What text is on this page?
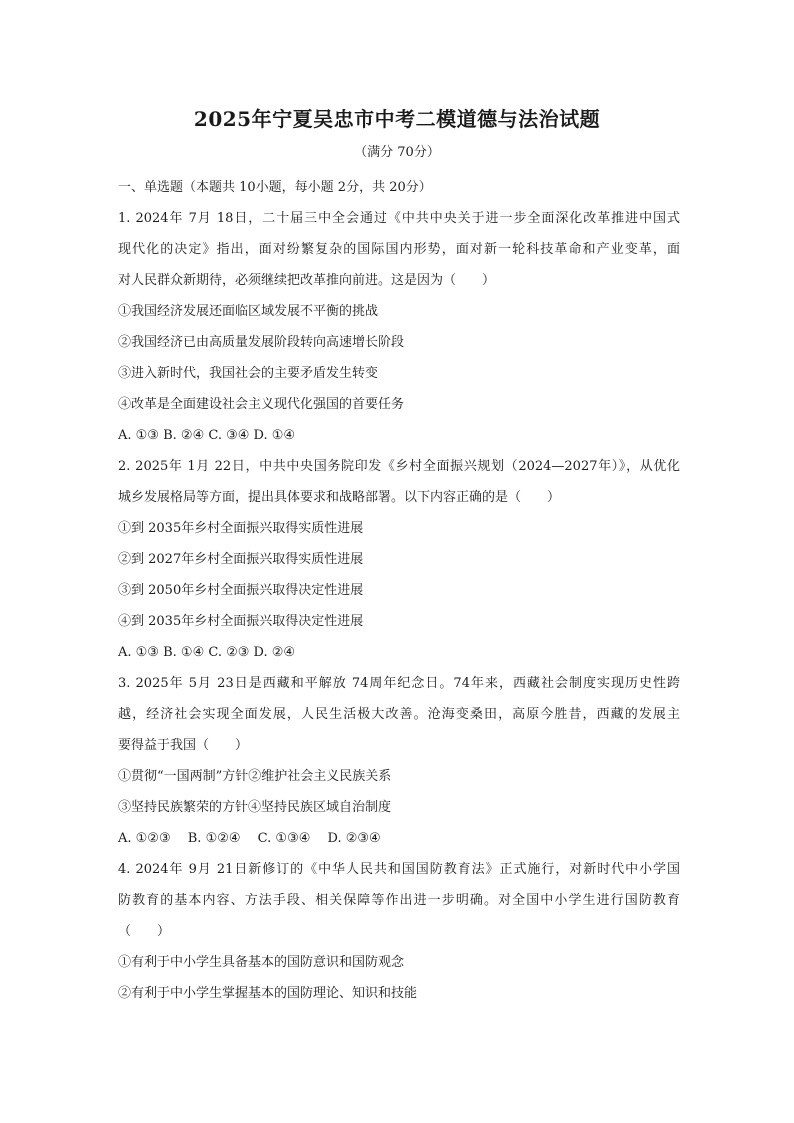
2025年宁夏吴忠市中考二模道德与法治试题
（满分 70分）
一、单选题（本题共 10小题，每小题 2分，共 20分）
1. 2024年 7月 18日，二十届三中全会通过《中共中央关于进一步全面深化改革推进中国式
现代化的决定》指出，面对纷繁复杂的国际国内形势，面对新一轮科技革命和产业变革，面
对人民群众新期待，必须继续把改革推向前进。这是因为（　　）
①我国经济发展还面临区域发展不平衡的挑战
②我国经济已由高质量发展阶段转向高速增长阶段
③进入新时代，我国社会的主要矛盾发生转变
④改革是全面建设社会主义现代化强国的首要任务
A. ①③ B. ②④ C. ③④ D. ①④
2. 2025年 1月 22日，中共中央国务院印发《乡村全面振兴规划（2024—2027年）》，从优化
城乡发展格局等方面，提出具体要求和战略部署。以下内容正确的是（　　）
①到 2035年乡村全面振兴取得实质性进展
②到 2027年乡村全面振兴取得实质性进展
③到 2050年乡村全面振兴取得决定性进展
④到 2035年乡村全面振兴取得决定性进展
A. ①③ B. ①④ C. ②③ D. ②④
3. 2025年 5月 23日是西藏和平解放 74周年纪念日。74年来，西藏社会制度实现历史性跨
越，经济社会实现全面发展，人民生活极大改善。沧海变桑田，高原今胜昔，西藏的发展主
要得益于我国（　　）
①贯彻“一国两制”方针②维护社会主义民族关系
③坚持民族繁荣的方针④坚持民族区域自治制度
A. ①②③　 B. ①②④　 C. ①③④　 D. ②③④
4. 2024年 9月 21日新修订的《中华人民共和国国防教育法》正式施行，对新时代中小学国
防教育的基本内容、方法手段、相关保障等作出进一步明确。对全国中小学生进行国防教育
（　　）
①有利于中小学生具备基本的国防意识和国防观念
②有利于中小学生掌握基本的国防理论、知识和技能
